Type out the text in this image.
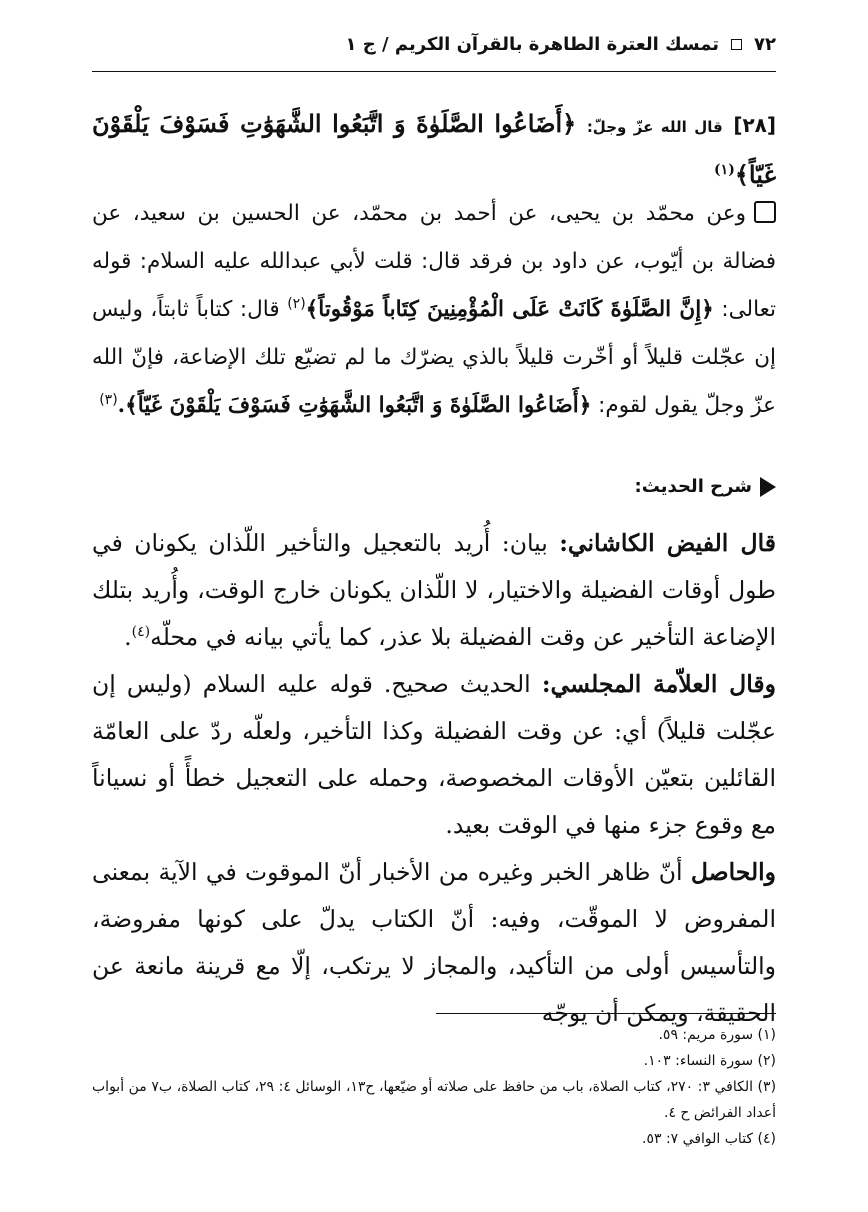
٧٢
تمسك العترة الطاهرة بالقرآن الكريم / ج ١
[٢٨] قال الله عزّ وجلّ: ﴿أَضَاعُوا الصَّلَوٰةَ وَ اتَّبَعُوا الشَّهَوَٰتِ فَسَوْفَ يَلْقَوْنَ غَيّاً﴾$^{(١)}$
وعن محمّد بن يحيى، عن أحمد بن محمّد، عن الحسين بن سعيد، عن فضالة بن أيّوب، عن داود بن فرقد قال: قلت لأبي عبدالله عليه السلام: قوله تعالى: ﴿إِنَّ الصَّلَوٰةَ كَانَتْ عَلَى الْمُؤْمِنِينَ كِتَاباً مَوْقُوتاً﴾$^{(٢)}$ قال: كتاباً ثابتاً، وليس إن عجّلت قليلاً أو أخّرت قليلاً بالذي يضرّك ما لم تضيّع تلك الإضاعة، فإنّ الله عزّ وجلّ يقول لقوم: ﴿أَضَاعُوا الصَّلَوٰةَ وَ اتَّبَعُوا الشَّهَوَٰتِ فَسَوْفَ يَلْقَوْنَ غَيّاً﴾.$^{(٣)}$
شرح الحديث:

قال الفيض الكاشاني: بيان: أُريد بالتعجيل والتأخير اللّذان يكونان في طول أوقات الفضيلة والاختيار، لا اللّذان يكونان خارج الوقت، وأُريد بتلك الإضاعة التأخير عن وقت الفضيلة بلا عذر، كما يأتي بيانه في محلّه$^{(٤)}$.

وقال العلاّمة المجلسي: الحديث صحيح. قوله عليه السلام (وليس إن عجّلت قليلاً) أي: عن وقت الفضيلة وكذا التأخير، ولعلّه ردّ على العامّة القائلين بتعيّن الأوقات المخصوصة، وحمله على التعجيل خطأً أو نسياناً مع وقوع جزء منها في الوقت بعيد.

والحاصل أنّ ظاهر الخبر وغيره من الأخبار أنّ الموقوت في الآية بمعنى المفروض لا الموقّت، وفيه: أنّ الكتاب يدلّ على كونها مفروضة، والتأسيس أولى من التأكيد، والمجاز لا يرتكب، إلّا مع قرينة مانعة عن الحقيقة، ويمكن أن يوجّه

(١) سورة مريم: ٥٩.
(٢) سورة النساء: ١٠٣.
(٣) الكافي ٣: ٢٧٠، كتاب الصلاة، باب من حافظ على صلاته أو ضيّعها، ح١٣، الوسائل ٤: ٢٩، كتاب الصلاة، ب٧ من أبواب أعداد الفرائض ح ٤.
(٤) كتاب الوافي ٧: ٥٣.
